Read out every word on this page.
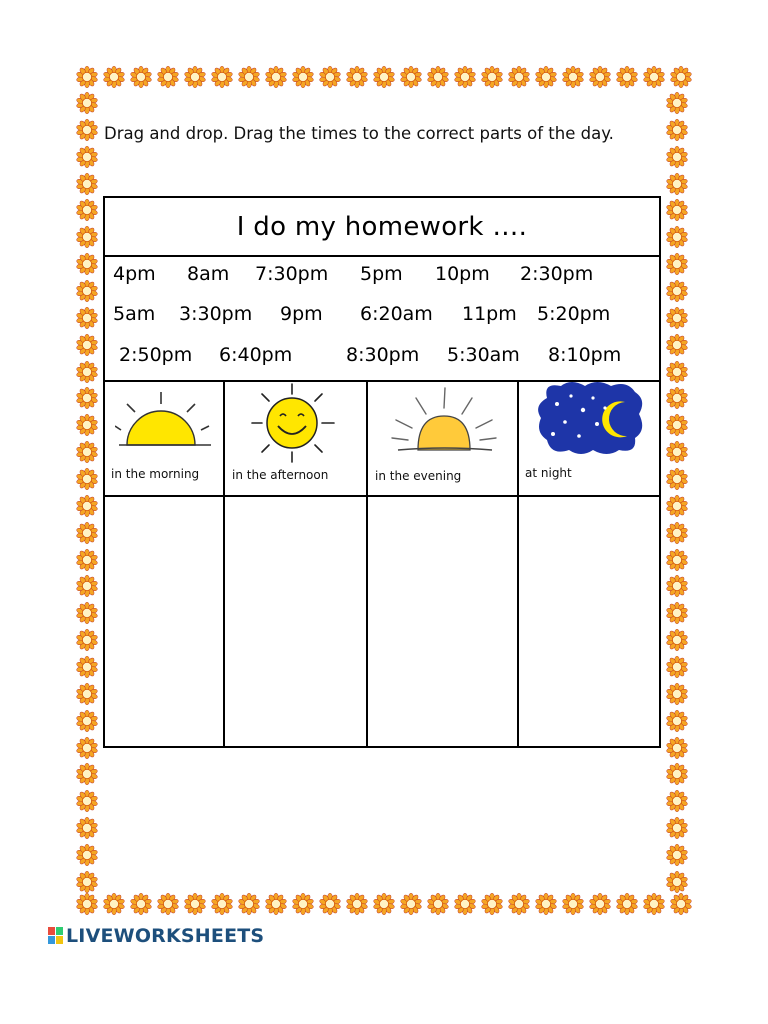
Drag and drop. Drag the times to the correct parts of the day.
I do my homework ….
4pm 8am 7:30pm 5pm 10pm 2:30pm
5am 3:30pm 9pm 6:20am 11pm 5:20pm
2:50pm 6:40pm	8:30pm 5:30am 8:10pm
in the morning	in the afternoon	in the evening	at night
LIVEWORKSHEETS
